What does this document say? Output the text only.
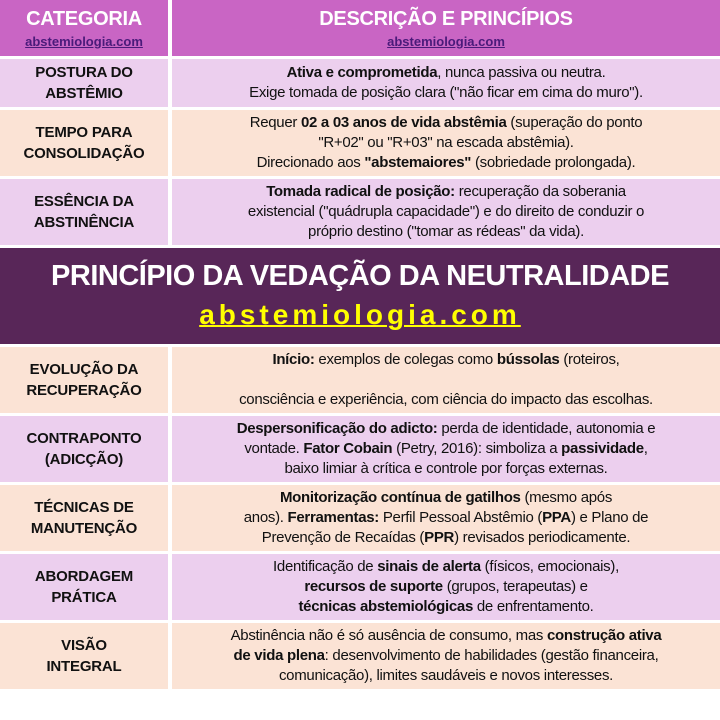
CATEGORIA
abstemiologia.com
DESCRIÇÃO E PRINCÍPIOS
abstemiologia.com
POSTURA DO
ABSTÊMIO
Ativa e comprometida, nunca passiva ou neutra.
Exige tomada de posição clara ("não ficar em cima do muro").
TEMPO PARA
CONSOLIDAÇÃO
Requer 02 a 03 anos de vida abstêmia (superação do ponto
"R+02" ou "R+03" na escada abstêmia).
Direcionado aos "abstemaiores" (sobriedade prolongada).
ESSÊNCIA DA
ABSTINÊNCIA
Tomada radical de posição: recuperação da soberania
existencial ("quádrupla capacidade") e do direito de conduzir o
próprio destino ("tomar as rédeas" da vida).
PRINCÍPIO DA VEDAÇÃO DA NEUTRALIDADE
abstemiologia.com
EVOLUÇÃO DA
RECUPERAÇÃO
Início: exemplos de colegas como bússolas (roteiros,

consciência e experiência, com ciência do impacto das escolhas.
CONTRAPONTO
(ADICÇÃO)
Despersonificação do adicto: perda de identidade, autonomia e
vontade. Fator Cobain (Petry, 2016): simboliza a passividade,
baixo limiar à crítica e controle por forças externas.
TÉCNICAS DE
MANUTENÇÃO
Monitorização contínua de gatilhos (mesmo após
anos). Ferramentas: Perfil Pessoal Abstêmio (PPA) e Plano de
Prevenção de Recaídas (PPR) revisados periodicamente.
ABORDAGEM
PRÁTICA
Identificação de sinais de alerta (físicos, emocionais),
recursos de suporte (grupos, terapeutas) e
técnicas abstemiológicas de enfrentamento.
VISÃO
INTEGRAL
Abstinência não é só ausência de consumo, mas construção ativa
de vida plena: desenvolvimento de habilidades (gestão financeira,
comunicação), limites saudáveis e novos interesses.
